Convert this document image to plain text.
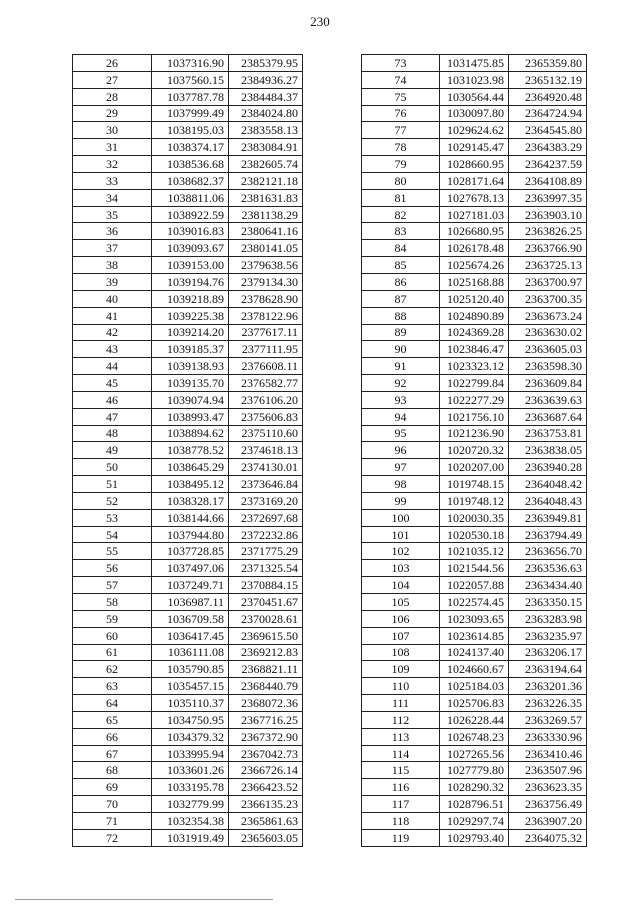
230
26	1037316.90	2385379.95
27	1037560.15	2384936.27
28	1037787.78	2384484.37
29	1037999.49	2384024.80
30	1038195.03	2383558.13
31	1038374.17	2383084.91
32	1038536.68	2382605.74
33	1038682.37	2382121.18
34	1038811.06	2381631.83
35	1038922.59	2381138.29
36	1039016.83	2380641.16
37	1039093.67	2380141.05
38	1039153.00	2379638.56
39	1039194.76	2379134.30
40	1039218.89	2378628.90
41	1039225.38	2378122.96
42	1039214.20	2377617.11
43	1039185.37	2377111.95
44	1039138.93	2376608.11
45	1039135.70	2376582.77
46	1039074.94	2376106.20
47	1038993.47	2375606.83
48	1038894.62	2375110.60
49	1038778.52	2374618.13
50	1038645.29	2374130.01
51	1038495.12	2373646.84
52	1038328.17	2373169.20
53	1038144.66	2372697.68
54	1037944.80	2372232.86
55	1037728.85	2371775.29
56	1037497.06	2371325.54
57	1037249.71	2370884.15
58	1036987.11	2370451.67
59	1036709.58	2370028.61
60	1036417.45	2369615.50
61	1036111.08	2369212.83
62	1035790.85	2368821.11
63	1035457.15	2368440.79
64	1035110.37	2368072.36
65	1034750.95	2367716.25
66	1034379.32	2367372.90
67	1033995.94	2367042.73
68	1033601.26	2366726.14
69	1033195.78	2366423.52
70	1032779.99	2366135.23
71	1032354.38	2365861.63
72	1031919.49	2365603.05
73	1031475.85	2365359.80
74	1031023.98	2365132.19
75	1030564.44	2364920.48
76	1030097.80	2364724.94
77	1029624.62	2364545.80
78	1029145.47	2364383.29
79	1028660.95	2364237.59
80	1028171.64	2364108.89
81	1027678.13	2363997.35
82	1027181.03	2363903.10
83	1026680.95	2363826.25
84	1026178.48	2363766.90
85	1025674.26	2363725.13
86	1025168.88	2363700.97
87	1025120.40	2363700.35
88	1024890.89	2363673.24
89	1024369.28	2363630.02
90	1023846.47	2363605.03
91	1023323.12	2363598.30
92	1022799.84	2363609.84
93	1022277.29	2363639.63
94	1021756.10	2363687.64
95	1021236.90	2363753.81
96	1020720.32	2363838.05
97	1020207.00	2363940.28
98	1019748.15	2364048.42
99	1019748.12	2364048.43
100	1020030.35	2363949.81
101	1020530.18	2363794.49
102	1021035.12	2363656.70
103	1021544.56	2363536.63
104	1022057.88	2363434.40
105	1022574.45	2363350.15
106	1023093.65	2363283.98
107	1023614.85	2363235.97
108	1024137.40	2363206.17
109	1024660.67	2363194.64
110	1025184.03	2363201.36
111	1025706.83	2363226.35
112	1026228.44	2363269.57
113	1026748.23	2363330.96
114	1027265.56	2363410.46
115	1027779.80	2363507.96
116	1028290.32	2363623.35
117	1028796.51	2363756.49
118	1029297.74	2363907.20
119	1029793.40	2364075.32
